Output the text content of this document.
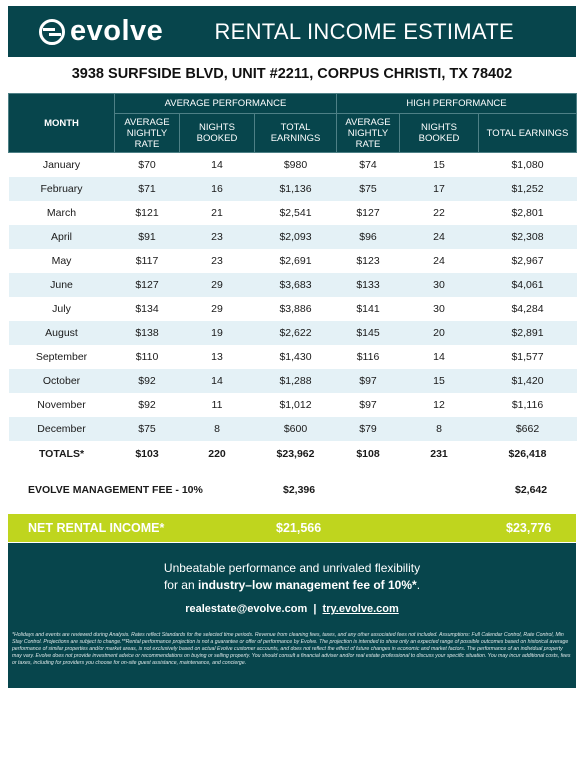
evolve RENTAL INCOME ESTIMATE
3938 SURFSIDE BLVD, UNIT #2211, CORPUS CHRISTI, TX 78402
MONTH	AVERAGE PERFORMANCE			HIGH PERFORMANCE		
	AVERAGE NIGHTLY RATE	NIGHTS BOOKED	TOTAL EARNINGS	AVERAGE NIGHTLY RATE	NIGHTS BOOKED	TOTAL EARNINGS
January	$70	14	$980	$74	15	$1,080
February	$71	16	$1,136	$75	17	$1,252
March	$121	21	$2,541	$127	22	$2,801
April	$91	23	$2,093	$96	24	$2,308
May	$117	23	$2,691	$123	24	$2,967
June	$127	29	$3,683	$133	30	$4,061
July	$134	29	$3,886	$141	30	$4,284
August	$138	19	$2,622	$145	20	$2,891
September	$110	13	$1,430	$116	14	$1,577
October	$92	14	$1,288	$97	15	$1,420
November	$92	11	$1,012	$97	12	$1,116
December	$75	8	$600	$79	8	$662
TOTALS*	$103	220	$23,962	$108	231	$26,418
EVOLVE MANAGEMENT FEE - 10%	$2,396	$2,642
NET RENTAL INCOME*	$21,566	$23,776
Unbeatable performance and unrivaled flexibility
for an industry–low management fee of 10%*.
realestate@evolve.com | try.evolve.com
*Holidays and events are reviewed during Analysis. Rates reflect Standards for the selected time periods. Revenue from cleaning fees, taxes, and any other associated fees not included. Assumptions: Full Calendar Control, Rate Control, Min Stay Control. Projections are subject to change.**Rental performance projection is not a guarantee or offer of performance by Evolve. The projection is intended to show only an expected range of possible outcomes based on historical average performance of similar properties and/or market areas, is not exclusively based on actual Evolve customer accounts, and does not reflect the effect of future changes in economic and market factors. The performance of an individual property may vary. Evolve does not provide investment advice or recommendations on buying or selling property. You should consult a financial adviser and/or real estate professional to discuss your specific situation. You may incur additional costs, fees or taxes, including for providers you choose for on-site guest assistance, maintenance, and concierge.
